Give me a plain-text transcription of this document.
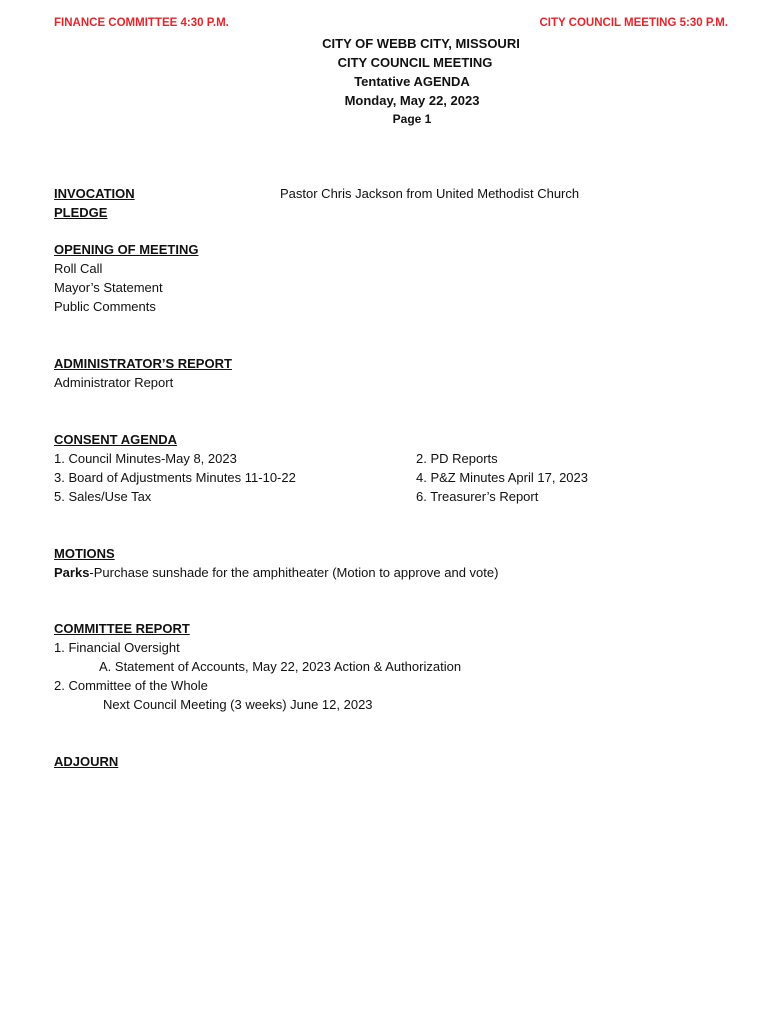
FINANCE COMMITTEE 4:30 P.M.	CITY COUNCIL MEETING 5:30 P.M.
CITY OF WEBB CITY, MISSOURI
CITY COUNCIL MEETING
Tentative AGENDA
Monday, May 22, 2023
Page 1
INVOCATION	Pastor Chris Jackson from United Methodist Church
PLEDGE
OPENING OF MEETING
Roll Call
Mayor’s Statement
Public Comments
ADMINISTRATOR’S REPORT
Administrator Report
CONSENT AGENDA
1. Council Minutes-May 8, 2023
3. Board of Adjustments Minutes 11-10-22
5. Sales/Use Tax
2. PD Reports
4. P&Z Minutes April 17, 2023
6. Treasurer’s Report
MOTIONS
Parks-Purchase sunshade for the amphitheater (Motion to approve and vote)
COMMITTEE REPORT
1. Financial Oversight
A. Statement of Accounts, May 22, 2023 Action & Authorization
2. Committee of the Whole
Next Council Meeting (3 weeks) June 12, 2023
ADJOURN
